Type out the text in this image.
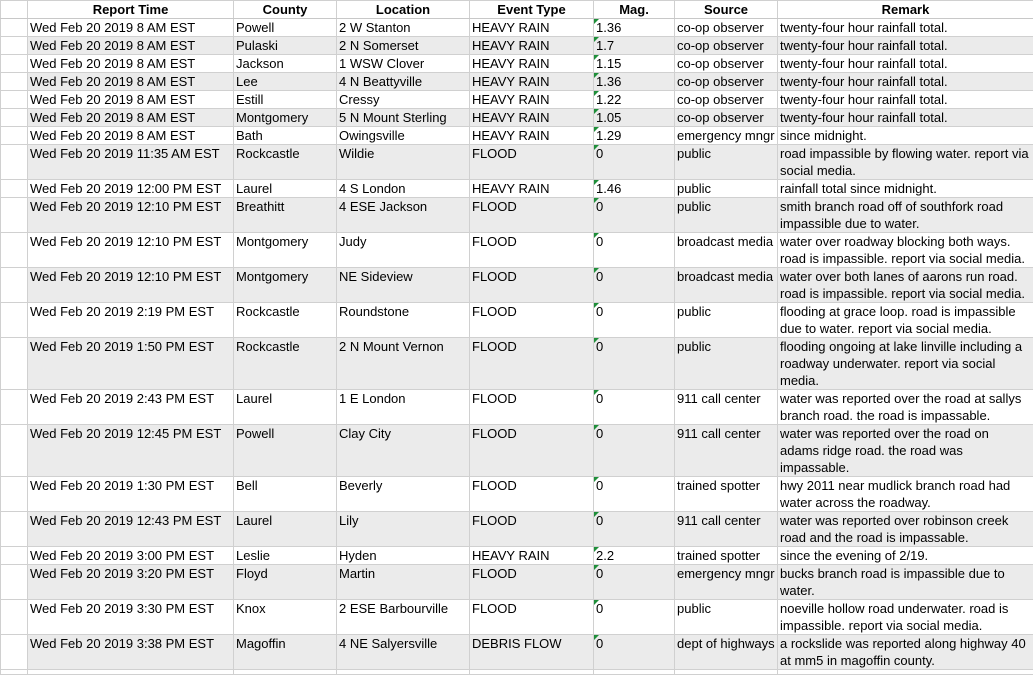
	Report Time	County	Location	Event Type	Mag.	Source	Remark
	Wed Feb 20 2019 8 AM EST	Powell	2 W Stanton	HEAVY RAIN	1.36	co-op observer	twenty-four hour rainfall total.
	Wed Feb 20 2019 8 AM EST	Pulaski	2 N Somerset	HEAVY RAIN	1.7	co-op observer	twenty-four hour rainfall total.
	Wed Feb 20 2019 8 AM EST	Jackson	1 WSW Clover	HEAVY RAIN	1.15	co-op observer	twenty-four hour rainfall total.
	Wed Feb 20 2019 8 AM EST	Lee	4 N Beattyville	HEAVY RAIN	1.36	co-op observer	twenty-four hour rainfall total.
	Wed Feb 20 2019 8 AM EST	Estill	Cressy	HEAVY RAIN	1.22	co-op observer	twenty-four hour rainfall total.
	Wed Feb 20 2019 8 AM EST	Montgomery	5 N Mount Sterling	HEAVY RAIN	1.05	co-op observer	twenty-four hour rainfall total.
	Wed Feb 20 2019 8 AM EST	Bath	Owingsville	HEAVY RAIN	1.29	emergency mngr	since midnight.
	Wed Feb 20 2019 11:35 AM EST	Rockcastle	Wildie	FLOOD	0	public	road impassible by flowing water. report via social media.
	Wed Feb 20 2019 12:00 PM EST	Laurel	4 S London	HEAVY RAIN	1.46	public	rainfall total since midnight.
	Wed Feb 20 2019 12:10 PM EST	Breathitt	4 ESE Jackson	FLOOD	0	public	smith branch road off of southfork road impassible due to water.
	Wed Feb 20 2019 12:10 PM EST	Montgomery	Judy	FLOOD	0	broadcast media	water over roadway blocking both ways. road is impassible. report via social media.
	Wed Feb 20 2019 12:10 PM EST	Montgomery	NE Sideview	FLOOD	0	broadcast media	water over both lanes of aarons run road. road is impassible. report via social media.
	Wed Feb 20 2019 2:19 PM EST	Rockcastle	Roundstone	FLOOD	0	public	flooding at grace loop. road is impassible due to water. report via social media.
	Wed Feb 20 2019 1:50 PM EST	Rockcastle	2 N Mount Vernon	FLOOD	0	public	flooding ongoing at lake linville including a roadway underwater. report via social media.
	Wed Feb 20 2019 2:43 PM EST	Laurel	1 E London	FLOOD	0	911 call center	water was reported over the road at sallys branch road. the road is impassable.
	Wed Feb 20 2019 12:45 PM EST	Powell	Clay City	FLOOD	0	911 call center	water was reported over the road on adams ridge road. the road was impassable.
	Wed Feb 20 2019 1:30 PM EST	Bell	Beverly	FLOOD	0	trained spotter	hwy 2011 near mudlick branch road had water across the roadway.
	Wed Feb 20 2019 12:43 PM EST	Laurel	Lily	FLOOD	0	911 call center	water was reported over robinson creek road and the road is impassable.
	Wed Feb 20 2019 3:00 PM EST	Leslie	Hyden	HEAVY RAIN	2.2	trained spotter	since the evening of 2/19.
	Wed Feb 20 2019 3:20 PM EST	Floyd	Martin	FLOOD	0	emergency mngr	bucks branch road is impassible due to water.
	Wed Feb 20 2019 3:30 PM EST	Knox	2 ESE Barbourville	FLOOD	0	public	noeville hollow road underwater. road is impassible. report via social media.
	Wed Feb 20 2019 3:38 PM EST	Magoffin	4 NE Salyersville	DEBRIS FLOW	0	dept of highways	a rockslide was reported along highway 40 at mm5 in magoffin county.
